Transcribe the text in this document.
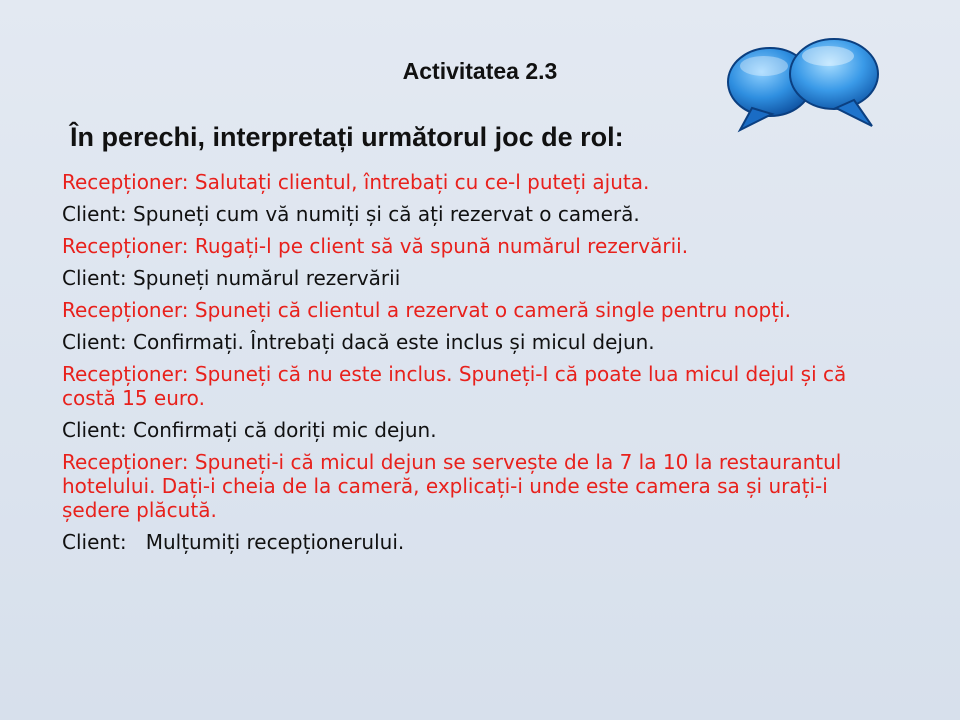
Activitatea 2.3
În perechi, interpretați următorul joc de rol:
Recepționer: Salutați clientul, întrebați cu ce-l puteți ajuta.
Client: Spuneți cum vă numiți și că ați rezervat o cameră.
Recepționer: Rugați-l pe client să vă spună numărul rezervării.
Client: Spuneți numărul rezervării
Recepționer: Spuneți că clientul a rezervat o cameră single pentru nopți.
Client: Confirmați. Întrebați dacă este inclus și micul dejun.
Recepționer: Spuneți că nu este inclus. Spuneți-I că poate lua micul dejul și că costă 15 euro.
Client: Confirmați că doriți mic dejun.
Recepționer: Spuneți-i că micul dejun se servește de la 7 la 10 la restaurantul hotelului. Dați-i cheia de la cameră, explicați-i unde este camera sa și urați-i ședere plăcută.
Client:   Mulțumiți recepționerului.
